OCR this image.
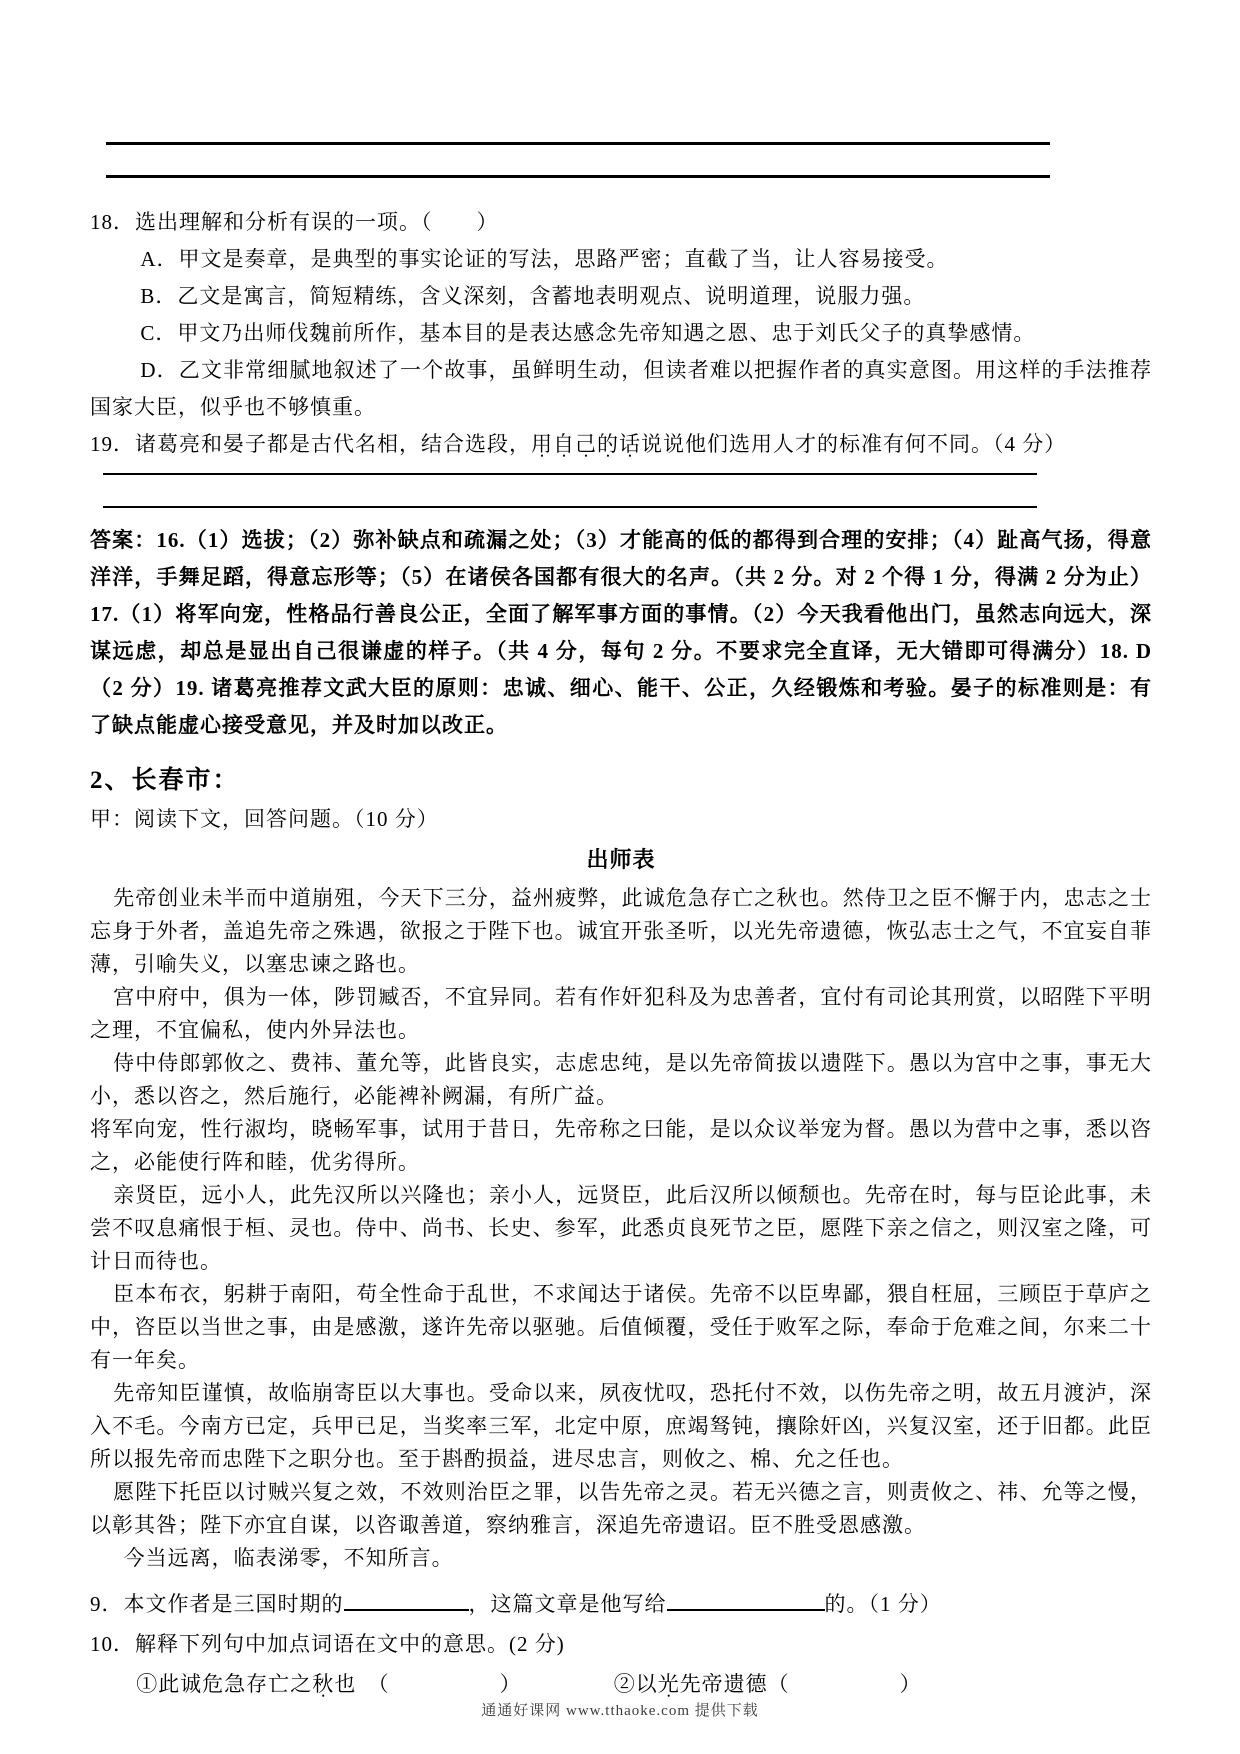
18．选出理解和分析有误的一项。（　　）

A．甲文是奏章，是典型的事实论证的写法，思路严密；直截了当，让人容易接受。

B．乙文是寓言，简短精练，含义深刻，含蓄地表明观点、说明道理，说服力强。

C．甲文乃出师伐魏前所作，基本目的是表达感念先帝知遇之恩、忠于刘氏父子的真挚感情。

D．乙文非常细腻地叙述了一个故事，虽鲜明生动，但读者难以把握作者的真实意图。用这样的手法推荐国家大臣，似乎也不够慎重。

19．诸葛亮和晏子都是古代名相，结合选段，用自己的话说说他们选用人才的标准有何不同。（4 分）

答案：16.（1）选拔；（2）弥补缺点和疏漏之处；（3）才能高的低的都得到合理的安排；（4）趾高气扬，得意洋洋，手舞足蹈，得意忘形等；（5）在诸侯各国都有很大的名声。（共 2 分。对 2 个得 1 分，得满 2 分为止）17.（1）将军向宠，性格品行善良公正，全面了解军事方面的事情。（2）今天我看他出门，虽然志向远大，深谋远虑，却总是显出自己很谦虚的样子。（共 4 分，每句 2 分。不要求完全直译，无大错即可得满分）18. D（2 分）19. 诸葛亮推荐文武大臣的原则：忠诚、细心、能干、公正，久经锻炼和考验。晏子的标准则是：有了缺点能虚心接受意见，并及时加以改正。

2、长春市：

甲：阅读下文，回答问题。（10 分）

出师表

先帝创业未半而中道崩殂，今天下三分，益州疲弊，此诚危急存亡之秋也。然侍卫之臣不懈于内，忠志之士忘身于外者，盖追先帝之殊遇，欲报之于陛下也。诚宜开张圣听，以光先帝遗德，恢弘志士之气，不宜妄自菲薄，引喻失义，以塞忠谏之路也。

宫中府中，俱为一体，陟罚臧否，不宜异同。若有作奸犯科及为忠善者，宜付有司论其刑赏，以昭陛下平明之理，不宜偏私，使内外异法也。

侍中侍郎郭攸之、费祎、董允等，此皆良实，志虑忠纯，是以先帝简拔以遗陛下。愚以为宫中之事，事无大小，悉以咨之，然后施行，必能裨补阙漏，有所广益。

将军向宠，性行淑均，晓畅军事，试用于昔日，先帝称之曰能，是以众议举宠为督。愚以为营中之事，悉以咨之，必能使行阵和睦，优劣得所。

亲贤臣，远小人，此先汉所以兴隆也；亲小人，远贤臣，此后汉所以倾颓也。先帝在时，每与臣论此事，未尝不叹息痛恨于桓、灵也。侍中、尚书、长史、参军，此悉贞良死节之臣，愿陛下亲之信之，则汉室之隆，可计日而待也。

臣本布衣，躬耕于南阳，苟全性命于乱世，不求闻达于诸侯。先帝不以臣卑鄙，猥自枉屈，三顾臣于草庐之中，咨臣以当世之事，由是感激，遂许先帝以驱驰。后值倾覆，受任于败军之际，奉命于危难之间，尔来二十有一年矣。

先帝知臣谨慎，故临崩寄臣以大事也。受命以来，夙夜忧叹，恐托付不效，以伤先帝之明，故五月渡泸，深入不毛。今南方已定，兵甲已足，当奖率三军，北定中原，庶竭驽钝，攘除奸凶，兴复汉室，还于旧都。此臣所以报先帝而忠陛下之职分也。至于斟酌损益，进尽忠言，则攸之、棉、允之任也。

愿陛下托臣以讨贼兴复之效，不效则治臣之罪，以告先帝之灵。若无兴德之言，则责攸之、祎、允等之慢，以彰其咎；陛下亦宜自谋，以咨诹善道，察纳雅言，深追先帝遗诏。臣不胜受恩感激。

今当远离，临表涕零，不知所言。

9．本文作者是三国时期的	，这篇文章是他写给	的。（1 分）

10．解释下列句中加点词语在文中的意思。(2 分)

①此诚危急存亡之秋也　（　　　　　）	②以光先帝遗德（　　　　　）

通通好课网 www.tthaoke.com 提供下载
